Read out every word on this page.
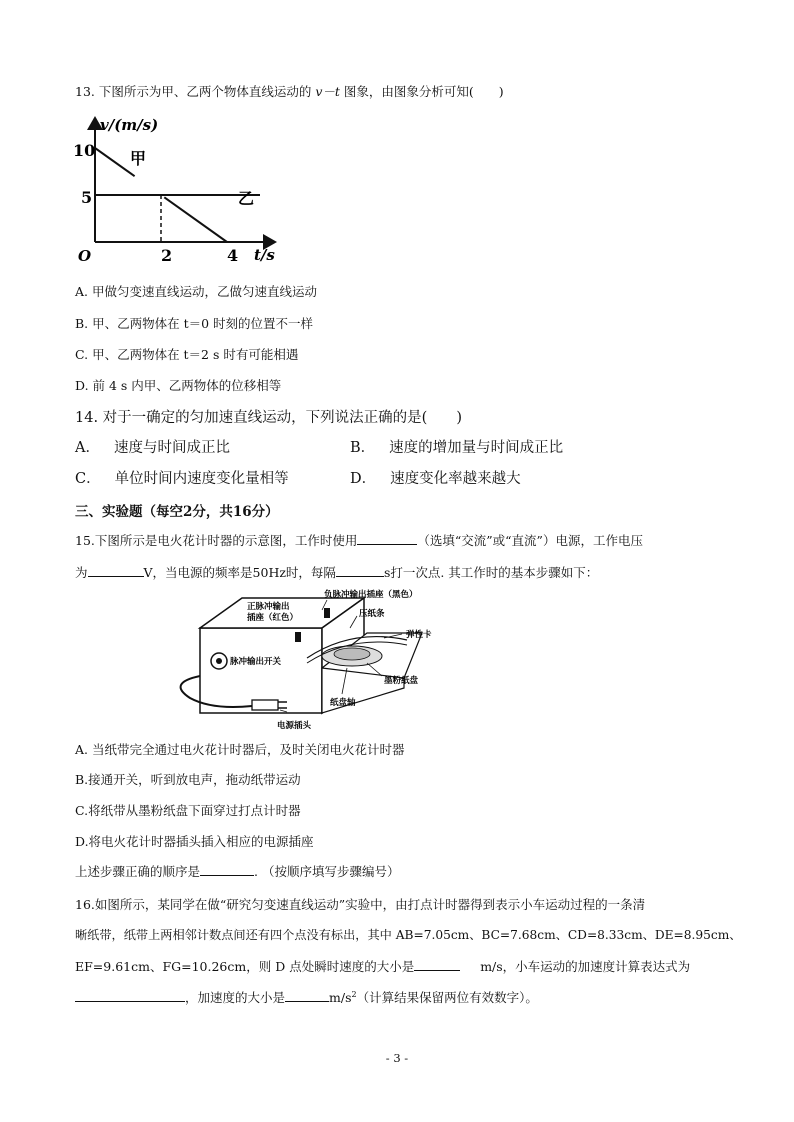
13. 下图所示为甲、乙两个物体直线运动的 v－t 图象，由图象分析可知(　　)
v/(m/s)
t/s
O
10
5
2	4
甲
乙
A. 甲做匀变速直线运动，乙做匀速直线运动
B. 甲、乙两物体在 t＝0 时刻的位置不一样
C. 甲、乙两物体在 t＝2 s 时有可能相遇
D. 前 4 s 内甲、乙两物体的位移相等
14. 对于一确定的匀加速直线运动，下列说法正确的是(　　)
A． 速度与时间成正比	B． 速度的增加量与时间成正比
C． 单位时间内速度变化量相等	D． 速度变化率越来越大
三、实验题（每空2分，共16分）
15.下图所示是电火花计时器的示意图，工作时使用	（选填“交流”或“直流”）电源，工作电压
为	V，当电源的频率是50Hz时，每隔	s打一次点. 其工作时的基本步骤如下：
正脉冲输出
插座（红色）
负脉冲输出插座（黑色）
压纸条
弹性卡
脉冲输出开关
墨粉纸盘
纸盘轴
电源插头
A. 当纸带完全通过电火花计时器后，及时关闭电火花计时器
B.接通开关，听到放电声，拖动纸带运动
C.将纸带从墨粉纸盘下面穿过打点计时器
D.将电火花计时器插头插入相应的电源插座
上述步骤正确的顺序是	. （按顺序填写步骤编号）
16.如图所示，某同学在做“研究匀变速直线运动”实验中，由打点计时器得到表示小车运动过程的一条清
晰纸带，纸带上两相邻计数点间还有四个点没有标出，其中 AB=7.05cm、BC=7.68cm、CD=8.33cm、DE=8.95cm、
EF=9.61cm、FG=10.26cm，则 D 点处瞬时速度的大小是	m/s，小车运动的加速度计算表达式为
，加速度的大小是	$m/s^2$（计算结果保留两位有效数字）。
- 3 -
